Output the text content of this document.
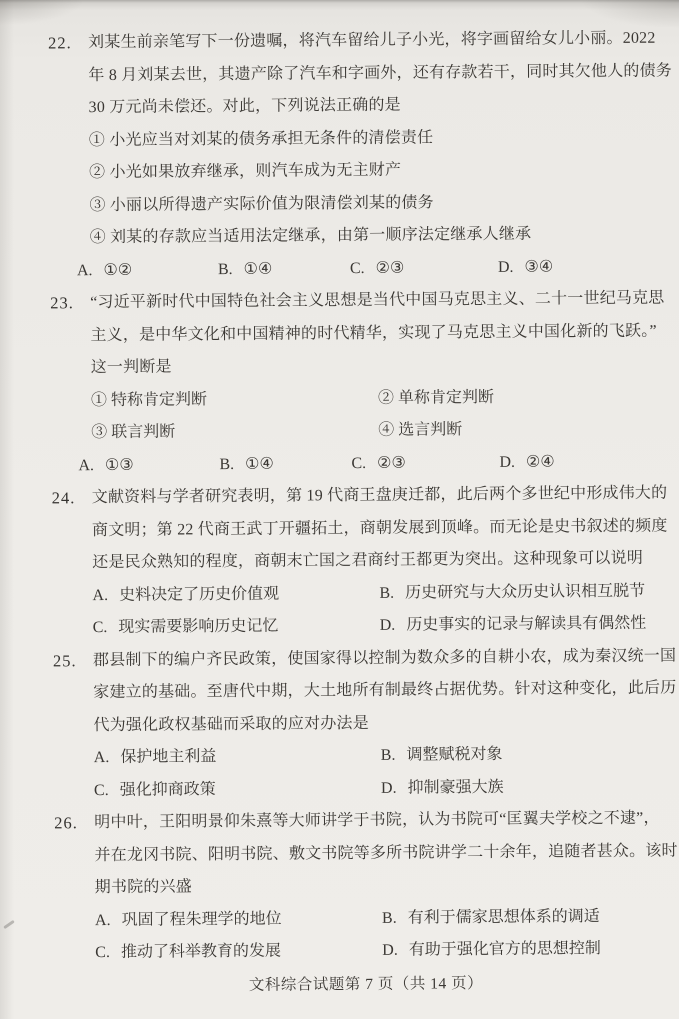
22. 刘某生前亲笔写下一份遗嘱，将汽车留给儿子小光，将字画留给女儿小丽。2022
年 8 月刘某去世，其遗产除了汽车和字画外，还有存款若干，同时其欠他人的债务
30 万元尚未偿还。对此，下列说法正确的是
① 小光应当对刘某的债务承担无条件的清偿责任
② 小光如果放弃继承，则汽车成为无主财产
③ 小丽以所得遗产实际价值为限清偿刘某的债务
④ 刘某的存款应当适用法定继承，由第一顺序法定继承人继承
A. ①②	B. ①④	C. ②③	D. ③④
23. “习近平新时代中国特色社会主义思想是当代中国马克思主义、二十一世纪马克思
主义，是中华文化和中国精神的时代精华，实现了马克思主义中国化新的飞跃。”
这一判断是
① 特称肯定判断	② 单称肯定判断
③ 联言判断	④ 选言判断
A. ①③	B. ①④	C. ②③	D. ②④
24. 文献资料与学者研究表明，第 19 代商王盘庚迁都，此后两个多世纪中形成伟大的
商文明；第 22 代商王武丁开疆拓土，商朝发展到顶峰。而无论是史书叙述的频度
还是民众熟知的程度，商朝末亡国之君商纣王都更为突出。这种现象可以说明
A. 史料决定了历史价值观	B. 历史研究与大众历史认识相互脱节
C. 现实需要影响历史记忆	D. 历史事实的记录与解读具有偶然性
25. 郡县制下的编户齐民政策，使国家得以控制为数众多的自耕小农，成为秦汉统一国
家建立的基础。至唐代中期，大土地所有制最终占据优势。针对这种变化，此后历
代为强化政权基础而采取的应对办法是
A. 保护地主利益	B. 调整赋税对象
C. 强化抑商政策	D. 抑制豪强大族
26. 明中叶，王阳明景仰朱熹等大师讲学于书院，认为书院可“匡翼夫学校之不逮”，
并在龙冈书院、阳明书院、敷文书院等多所书院讲学二十余年，追随者甚众。该时
期书院的兴盛
A. 巩固了程朱理学的地位	B. 有利于儒家思想体系的调适
C. 推动了科举教育的发展	D. 有助于强化官方的思想控制
文科综合试题第 7 页（共 14 页）
